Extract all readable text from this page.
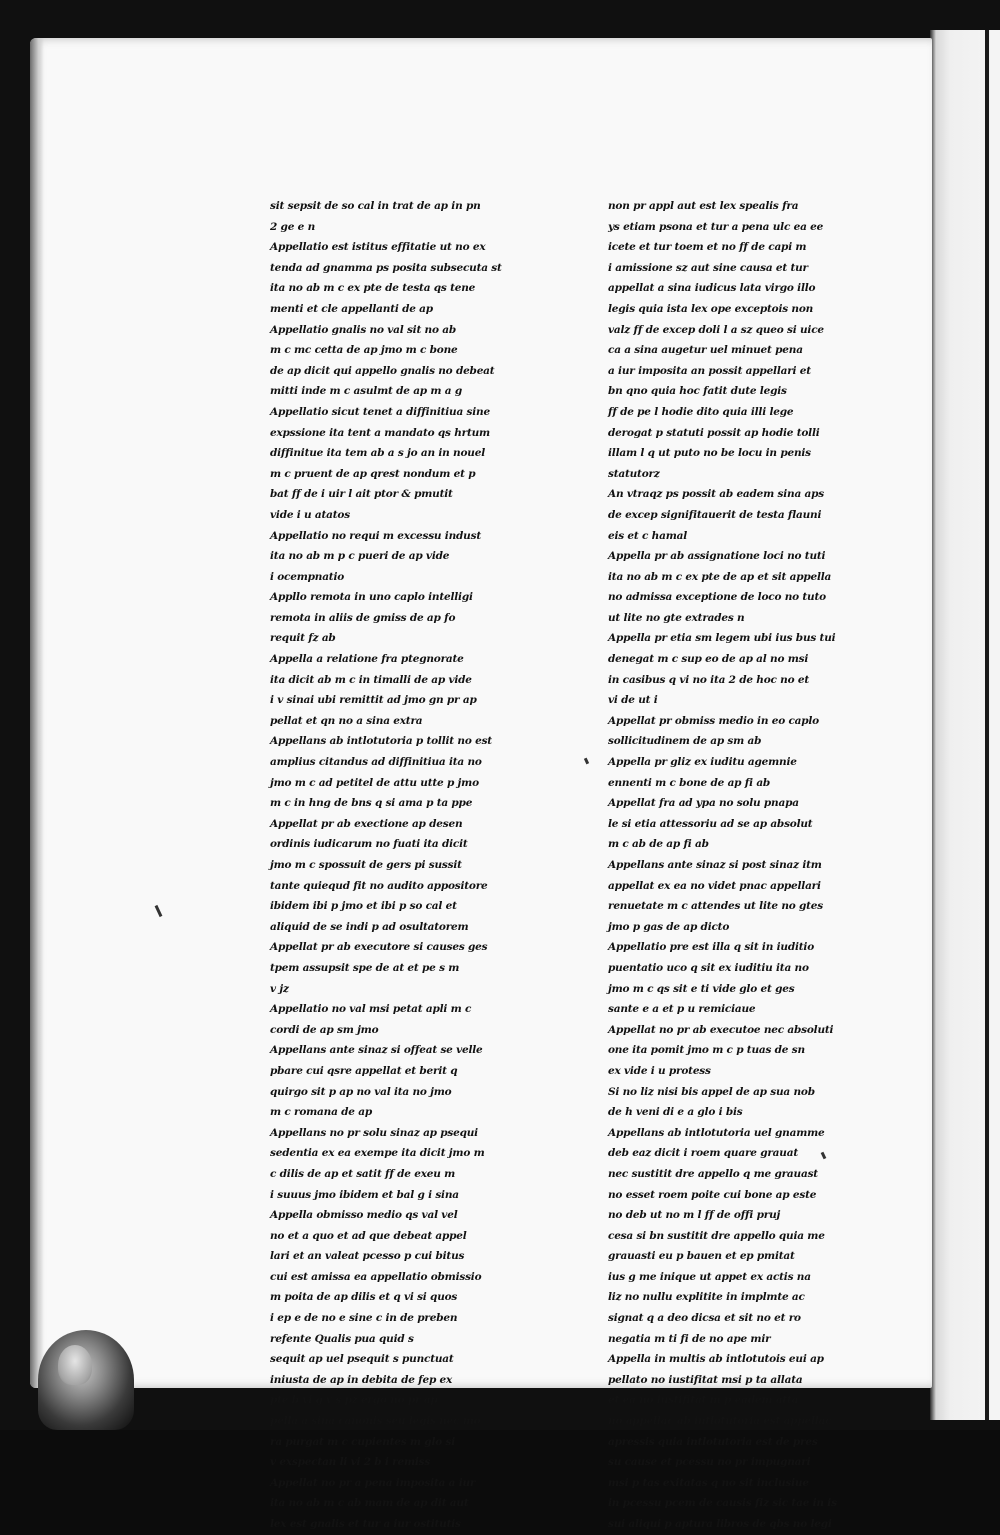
sit sepsit de so cal in trat de ap in pn
2 ge e n
Appellatio est istitus effitatie ut no ex
tenda ad gnamma ps posita subsecuta st
ita no ab m c ex pte de testa qs tene
menti et cle appellanti de ap
Appellatio gnalis no val sit no ab
m c mc cetta de ap jmo m c bone
de ap dicit qui appello gnalis no debeat
mitti inde m c asulmt de ap m a g
Appellatio sicut tenet a diffinitiua sine
expssione ita tent a mandato qs hrtum
diffinitue ita tem ab a s jo an in nouel
m c pruent de ap qrest nondum et p
bat ff de i uir l ait ptor & pmutit
vide i u atatos
Appellatio no requi m excessu indust
ita no ab m p c pueri de ap vide
i ocempnatio
Appllo remota in uno caplo intelligi
remota in aliis de gmiss de ap fo
requit fz ab
Appella a relatione fra ptegnorate
ita dicit ab m c in timalli de ap vide
i v sinai ubi remittit ad jmo gn pr ap
pellat et qn no a sina extra
Appellans ab intlotutoria p tollit no est
amplius citandus ad diffinitiua ita no
jmo m c ad petitel de attu utte p jmo
m c in hng de bns q si ama p ta ppe
Appellat pr ab exectione ap desen
ordinis iudicarum no fuati ita dicit
jmo m c spossuit de gers pi sussit
tante quiequd fit no audito appositore
ibidem ibi p jmo et ibi p so cal et
aliquid de se indi p ad osultatorem
Appellat pr ab executore si causes ges
tpem assupsit spe de at et pe s m
v jz
Appellatio no val msi petat apli m c
cordi de ap sm jmo
Appellans ante sinaz si offeat se velle
pbare cui qsre appellat et berit q
quirgo sit p ap no val ita no jmo
m c romana de ap
Appellans no pr solu sinaz ap psequi
sedentia ex ea exempe ita dicit jmo m
c dilis de ap et satit ff de exeu m
i suuus jmo ibidem et bal g i sina
Appella obmisso medio qs val vel
no et a quo et ad que debeat appel
lari et an valeat pcesso p cui bitus
cui est amissa ea appellatio obmissio
m poita de ap dilis et q vi si quos
i ep e de no e sine c in de preben
refente Qualis pua quid s
sequit ap uel psequit s punctuat
iniusta de ap in debita de fep ex
pte b vi g v s pz ergo no pr ap
pella a sina canonis seu legis nec mo
ra purgat m c cupientes m glo si
v exspectan li vi 2 b i remiss
Appellat no pr a pena imposita a iur
ita no ab m c ab mam de ap dit aut
lex est gnalis et tur a iur ostitutis
non pr appl aut est lex spealis fra
ys etiam psona et tur a pena ulc ea ee
icete et tur toem et no ff de capi m
i amissione sz aut sine causa et tur
appellat a sina iudicus lata virgo illo
legis quia ista lex ope exceptois non
valz ff de excep doli l a sz queo si uice
ca a sina augetur uel minuet pena
a iur imposita an possit appellari et
bn qno quia hoc fatit dute legis
ff de pe l hodie dito quia illi lege
derogat p statuti possit ap hodie tolli
illam l q ut puto no be locu in penis
statutorz
An vtraqz ps possit ab eadem sina aps
de excep signifitauerit de testa flauni
eis et c hamal
Appella pr ab assignatione loci no tuti
ita no ab m c ex pte de ap et sit appella
no admissa exceptione de loco no tuto
ut lite no gte extrades n
Appella pr etia sm legem ubi ius bus tui
denegat m c sup eo de ap al no msi
in casibus q vi no ita 2 de hoc no et
vi de ut i
Appellat pr obmiss medio in eo caplo
sollicitudinem de ap sm ab
Appella pr gliz ex iuditu agemnie
ennenti m c bone de ap fi ab
Appellat fra ad ypa no solu pnapa
le si etia attessoriu ad se ap absolut
m c ab de ap fi ab
Appellans ante sinaz si post sinaz itm
appellat ex ea no videt pnac appellari
renuetate m c attendes ut lite no gtes
jmo p gas de ap dicto
Appellatio pre est illa q sit in iuditio
puentatio uco q sit ex iuditiu ita no
jmo m c qs sit e ti vide glo et ges
sante e a et p u remiciaue
Appellat no pr ab executoe nec absoluti
one ita pomit jmo m c p tuas de sn
ex vide i u protess
Si no liz nisi bis appel de ap sua nob
de h veni di e a glo i bis
Appellans ab intlotutoria uel gnamme
deb eaz dicit i roem quare grauat
nec sustitit dre appello q me grauast
no esset roem poite cui bone ap este
no deb ut no m l ff de offi pruj
cesa si bn sustitit dre appello quia me
grauasti eu p bauen et ep pmitat
ius g me inique ut appet ex actis na
liz no nullu explitite in implmte ac
signat q a deo dicsa et sit no et ro
negatia m ti fi de no ape mir
Appella in multis ab intlotutois eui ap
pellato no iustifitat msi p ta allata
et ea no iustifitat m p eadem atta
no appellac ab intlotutoria est appellac
apressis quia intlotutoria est de pres
su cause et pcessu no pr impugnari
msi p tas exitatas q no sit inclusiue
in pcessu pcem de causis fiz sic tae in is
sui aliqui p aptura libros de qbs no legi
